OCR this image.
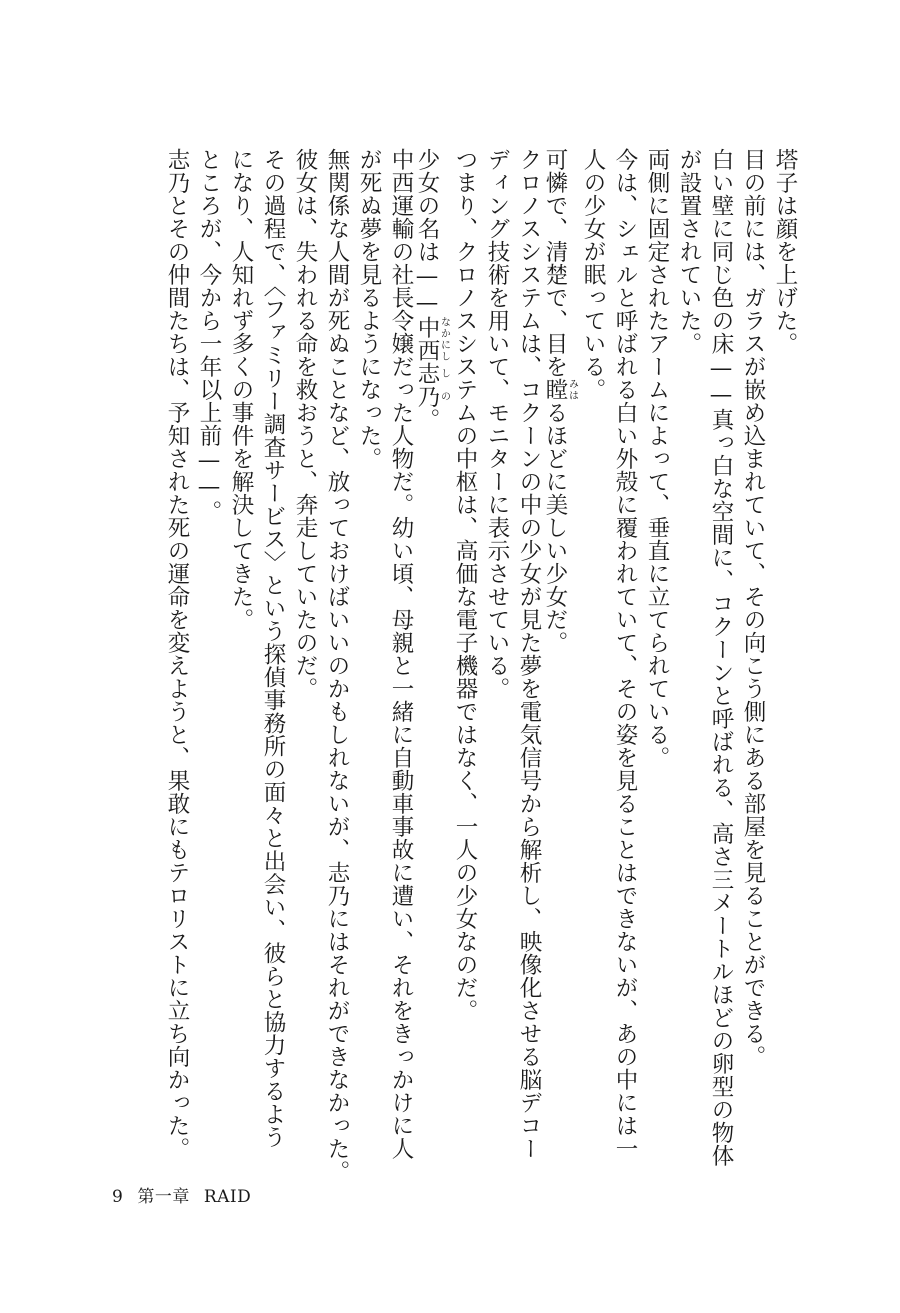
塔子は顔を上げた。
目の前には、ガラスが嵌め込まれていて、その向こう側にある部屋を見ることができる。
白い壁に同じ色の床——真っ白な空間に、コクーンと呼ばれる、高さ三メートルほどの卵型の物体
が設置されていた。
両側に固定されたアームによって、垂直に立てられている。
今は、シェルと呼ばれる白い外殻に覆われていて、その姿を見ることはできないが、あの中には一
人の少女が眠っている。
可憐で、清楚で、目を瞠みはるほどに美しい少女だ。
クロノスシステムは、コクーンの中の少女が見た夢を電気信号から解析し、映像化させる脳デコー
ディング技術を用いて、モニターに表示させている。
つまり、クロノスシステムの中枢は、高価な電子機器ではなく、一人の少女なのだ。
少女の名は——中西なかにし志乃しの。
中西運輸の社長令嬢だった人物だ。幼い頃、母親と一緒に自動車事故に遭い、それをきっかけに人
が死ぬ夢を見るようになった。
無関係な人間が死ぬことなど、放っておけばいいのかもしれないが、志乃にはそれができなかった。
彼女は、失われる命を救おうと、奔走していたのだ。
その過程で、〈ファミリー調査サービス〉という探偵事務所の面々と出会い、彼らと協力するよう
になり、人知れず多くの事件を解決してきた。
ところが、今から一年以上前——。
志乃とその仲間たちは、予知された死の運命を変えようと、果敢にもテロリストに立ち向かった。
9 第一章 RAID
